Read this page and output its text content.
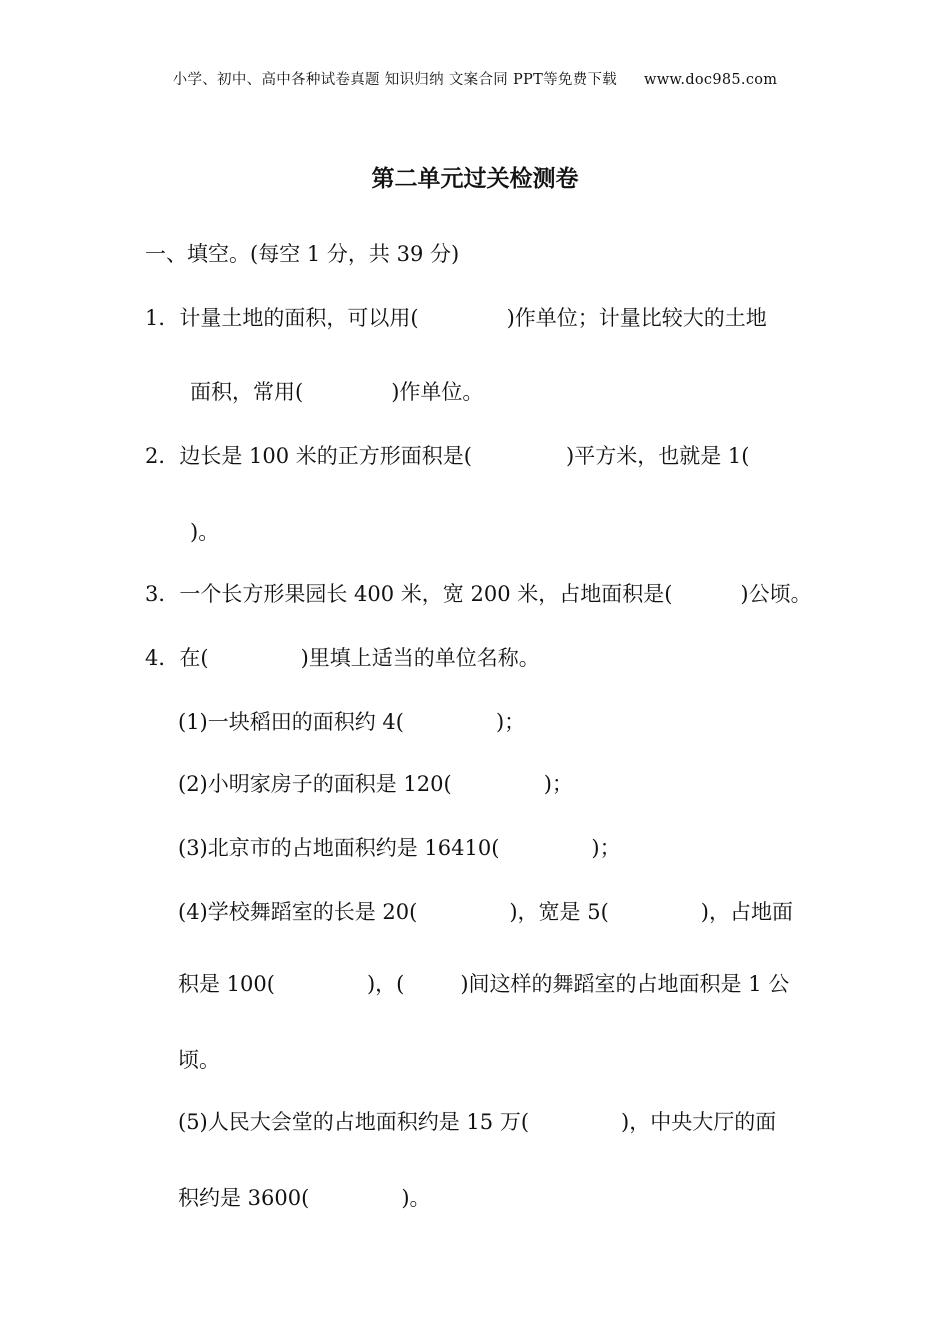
小学、初中、高中各种试卷真题 知识归纳 文案合同 PPT等免费下载 www.doc985.com
第二单元过关检测卷
一、填空。(每空 1 分，共 39 分)
1．计量土地的面积，可以用(	)作单位；计量比较大的土地
面积，常用(	)作单位。
2．边长是 100 米的正方形面积是(	)平方米，也就是 1(
)。
3．一个长方形果园长 400 米，宽 200 米，占地面积是(	)公顷。
4．在(	)里填上适当的单位名称。
(1)一块稻田的面积约 4(	)；
(2)小明家房子的面积是 120(	)；
(3)北京市的占地面积约是 16410(	)；
(4)学校舞蹈室的长是 20(	)，宽是 5(	)，占地面
积是 100(	)，(	)间这样的舞蹈室的占地面积是 1 公
顷。
(5)人民大会堂的占地面积约是 15 万(	)，中央大厅的面
积约是 3600(	)。
